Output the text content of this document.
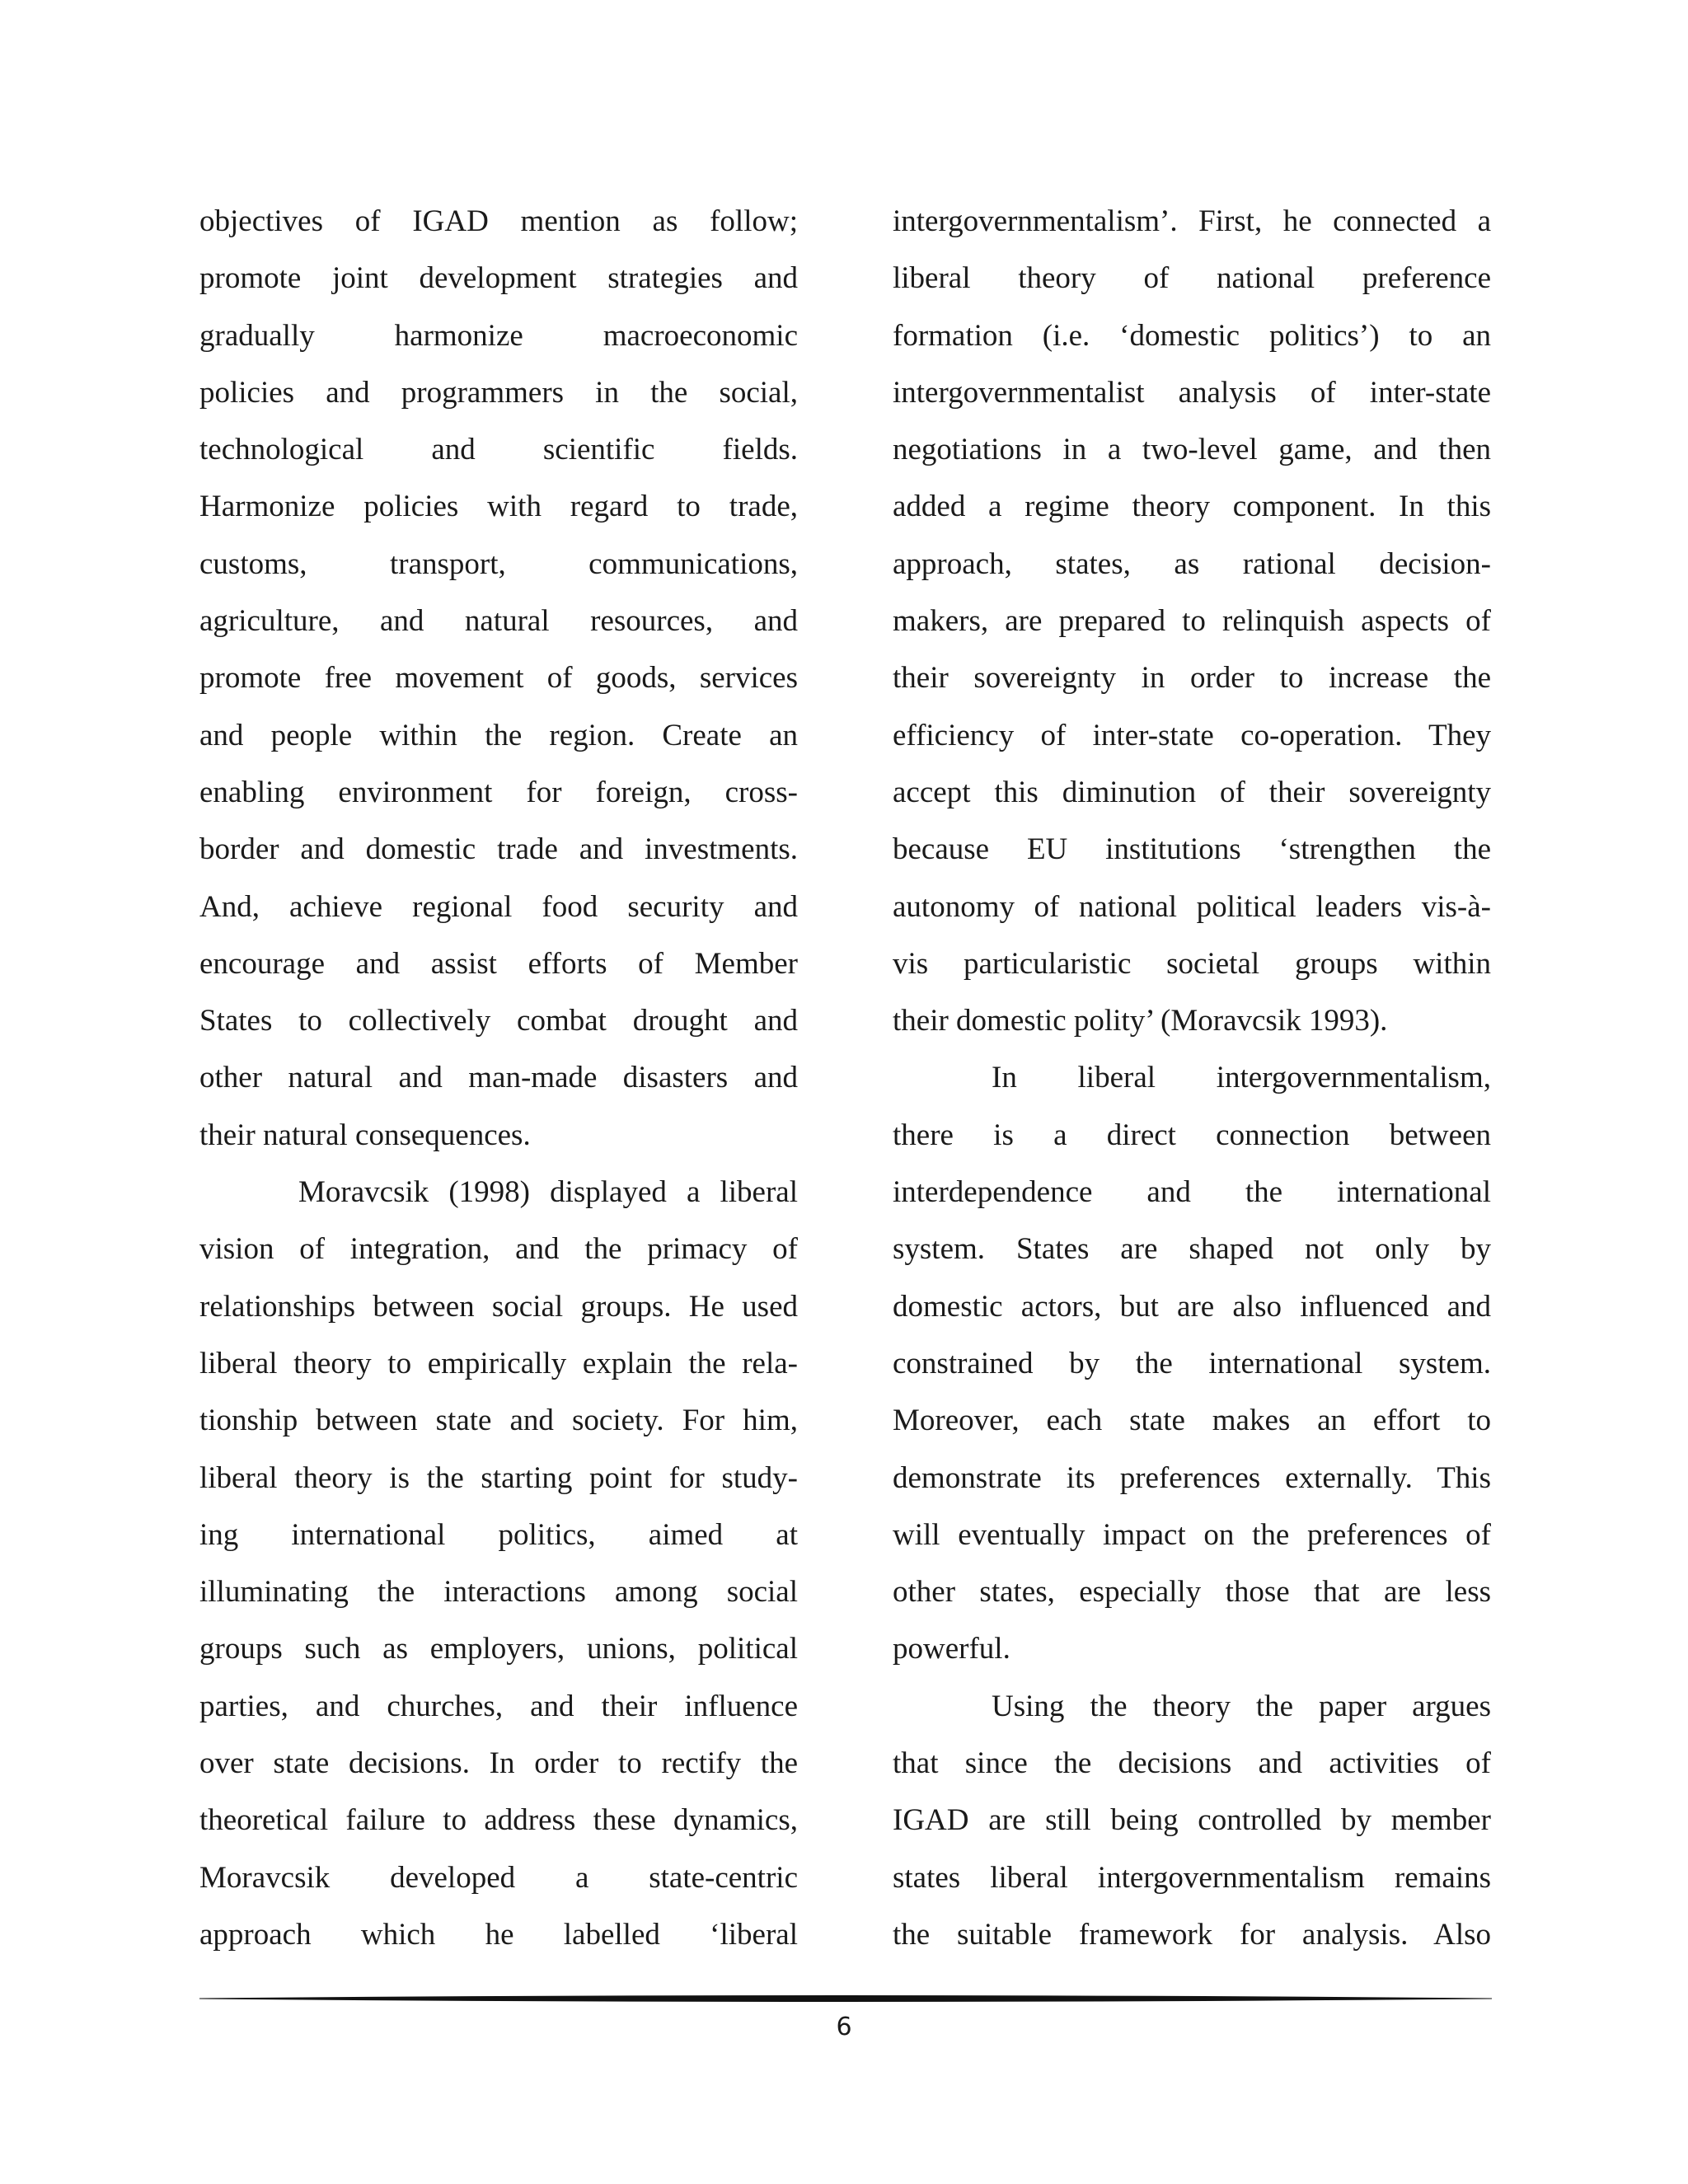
objectives of IGAD mention as follow;
promote joint development strategies and
gradually harmonize macroeconomic
policies and programmers in the social,
technological and scientific fields.
Harmonize policies with regard to trade,
customs, transport, communications,
agriculture, and natural resources, and
promote free movement of goods, services
and people within the region. Create an
enabling environment for foreign, cross-
border and domestic trade and investments.
And, achieve regional food security and
encourage and assist efforts of Member
States to collectively combat drought and
other natural and man-made disasters and
their natural consequences.
Moravcsik (1998) displayed a liberal
vision of integration, and the primacy of
relationships between social groups. He used
liberal theory to empirically explain the rela-
tionship between state and society. For him,
liberal theory is the starting point for study-
ing international politics, aimed at
illuminating the interactions among social
groups such as employers, unions, political
parties, and churches, and their influence
over state decisions. In order to rectify the
theoretical failure to address these dynamics,
Moravcsik developed a state-centric
approach which he labelled ‘liberal
intergovernmentalism’. First, he connected a
liberal theory of national preference
formation (i.e. ‘domestic politics’) to an
intergovernmentalist analysis of inter-state
negotiations in a two-level game, and then
added a regime theory component. In this
approach, states, as rational decision-
makers, are prepared to relinquish aspects of
their sovereignty in order to increase the
efficiency of inter-state co-operation. They
accept this diminution of their sovereignty
because EU institutions ‘strengthen the
autonomy of national political leaders vis-à-
vis particularistic societal groups within
their domestic polity’ (Moravcsik 1993).
In liberal intergovernmentalism,
there is a direct connection between
interdependence and the international
system. States are shaped not only by
domestic actors, but are also influenced and
constrained by the international system.
Moreover, each state makes an effort to
demonstrate its preferences externally. This
will eventually impact on the preferences of
other states, especially those that are less
powerful.
Using the theory the paper argues
that since the decisions and activities of
IGAD are still being controlled by member
states liberal intergovernmentalism remains
the suitable framework for analysis. Also
6
